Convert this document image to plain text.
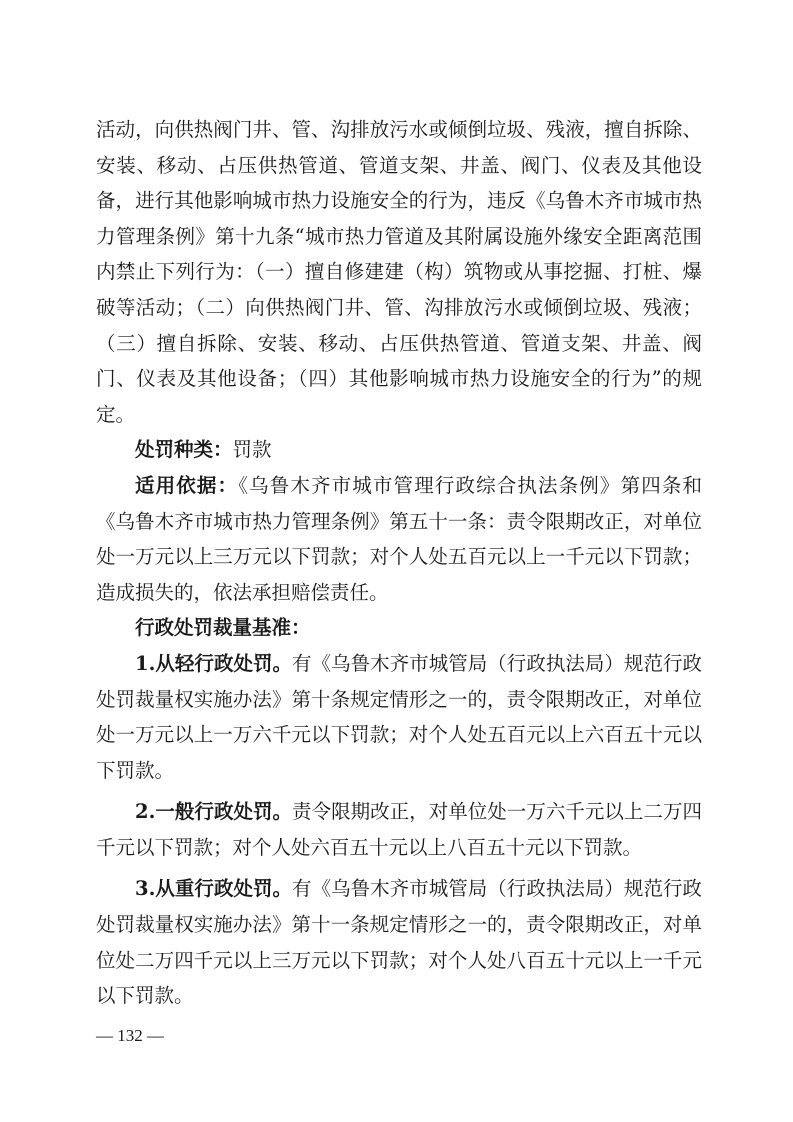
活动，向供热阀门井、管、沟排放污水或倾倒垃圾、残液，擅自拆除、安装、移动、占压供热管道、管道支架、井盖、阀门、仪表及其他设备，进行其他影响城市热力设施安全的行为，违反《乌鲁木齐市城市热力管理条例》第十九条“城市热力管道及其附属设施外缘安全距离范围内禁止下列行为：（一）擅自修建建（构）筑物或从事挖掘、打桩、爆破等活动；（二）向供热阀门井、管、沟排放污水或倾倒垃圾、残液；（三）擅自拆除、安装、移动、占压供热管道、管道支架、井盖、阀门、仪表及其他设备；（四）其他影响城市热力设施安全的行为”的规定。

处罚种类：罚款

适用依据：《乌鲁木齐市城市管理行政综合执法条例》第四条和《乌鲁木齐市城市热力管理条例》第五十一条：责令限期改正，对单位处一万元以上三万元以下罚款；对个人处五百元以上一千元以下罚款；造成损失的，依法承担赔偿责任。

行政处罚裁量基准：

1.从轻行政处罚。有《乌鲁木齐市城管局（行政执法局）规范行政处罚裁量权实施办法》第十条规定情形之一的，责令限期改正，对单位处一万元以上一万六千元以下罚款；对个人处五百元以上六百五十元以下罚款。

2.一般行政处罚。责令限期改正，对单位处一万六千元以上二万四千元以下罚款；对个人处六百五十元以上八百五十元以下罚款。

3.从重行政处罚。有《乌鲁木齐市城管局（行政执法局）规范行政处罚裁量权实施办法》第十一条规定情形之一的，责令限期改正，对单位处二万四千元以上三万元以下罚款；对个人处八百五十元以上一千元以下罚款。

— 132 —
